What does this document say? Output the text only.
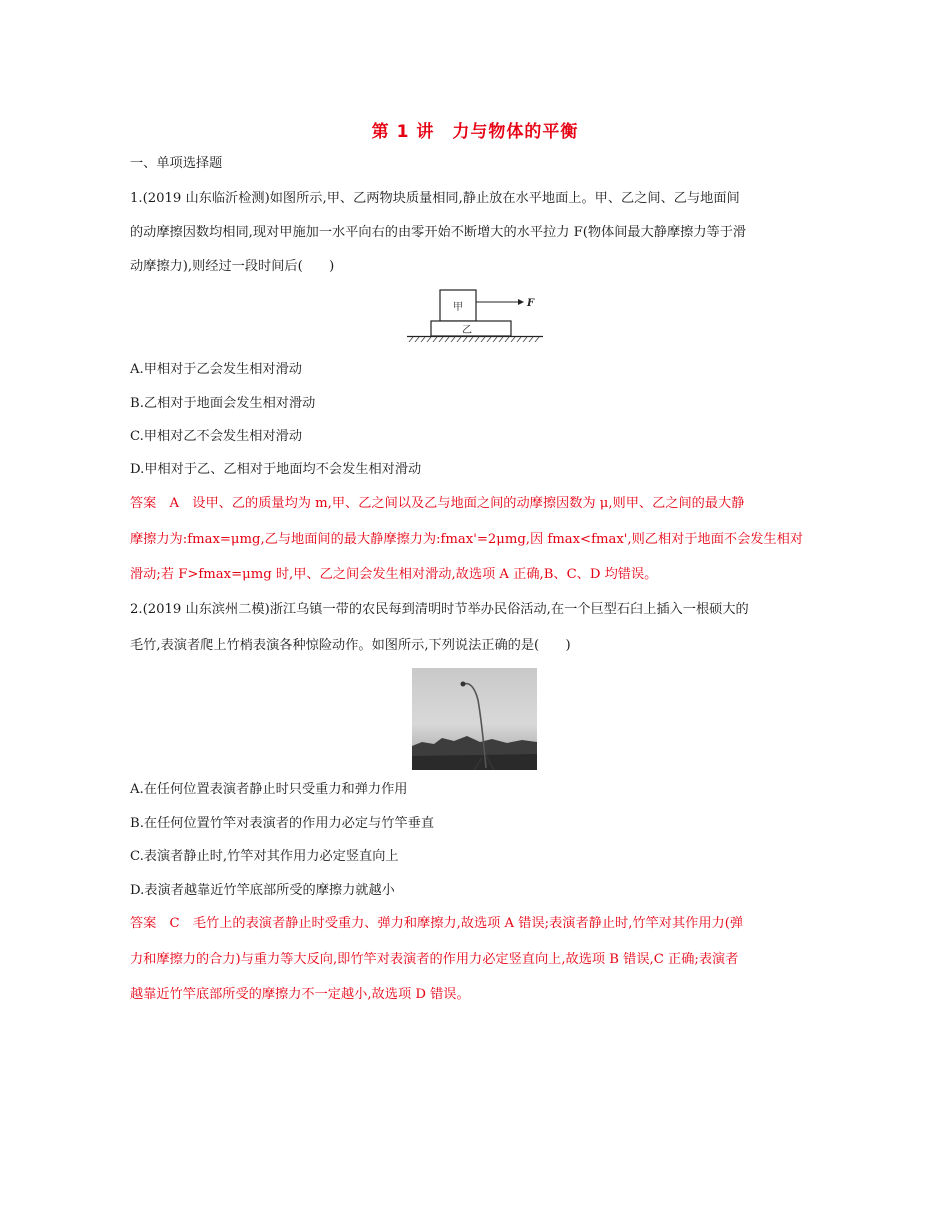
第 1 讲　力与物体的平衡
一、单项选择题
1.(2019 山东临沂检测)如图所示,甲、乙两物块质量相同,静止放在水平地面上。甲、乙之间、乙与地面间
的动摩擦因数均相同,现对甲施加一水平向右的由零开始不断增大的水平拉力 F(物体间最大静摩擦力等于滑
动摩擦力),则经过一段时间后(　　)
甲
乙
F
A.甲相对于乙会发生相对滑动
B.乙相对于地面会发生相对滑动
C.甲相对乙不会发生相对滑动
D.甲相对于乙、乙相对于地面均不会发生相对滑动
答案　A　设甲、乙的质量均为 m,甲、乙之间以及乙与地面之间的动摩擦因数为 μ,则甲、乙之间的最大静
摩擦力为:fmax=μmg,乙与地面间的最大静摩擦力为:fmax'=2μmg,因 fmax<fmax',则乙相对于地面不会发生相对
滑动;若 F>fmax=μmg 时,甲、乙之间会发生相对滑动,故选项 A 正确,B、C、D 均错误。
2.(2019 山东滨州二模)浙江乌镇一带的农民每到清明时节举办民俗活动,在一个巨型石臼上插入一根硕大的
毛竹,表演者爬上竹梢表演各种惊险动作。如图所示,下列说法正确的是(　　)
A.在任何位置表演者静止时只受重力和弹力作用
B.在任何位置竹竿对表演者的作用力必定与竹竿垂直
C.表演者静止时,竹竿对其作用力必定竖直向上
D.表演者越靠近竹竿底部所受的摩擦力就越小
答案　C　毛竹上的表演者静止时受重力、弹力和摩擦力,故选项 A 错误;表演者静止时,竹竿对其作用力(弹
力和摩擦力的合力)与重力等大反向,即竹竿对表演者的作用力必定竖直向上,故选项 B 错误,C 正确;表演者
越靠近竹竿底部所受的摩擦力不一定越小,故选项 D 错误。
